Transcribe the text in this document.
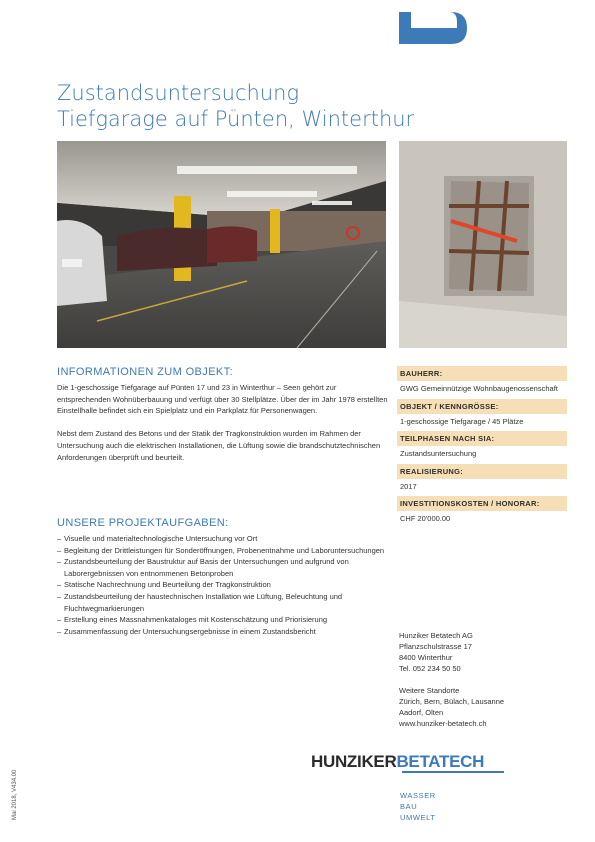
Zustandsuntersuchung
Tiefgarage auf Pünten, Winterthur
INFORMATIONEN ZUM OBJEKT:

Die 1-geschossige Tiefgarage auf Pünten 17 und 23 in Winterthur – Seen gehört zur entsprechenden Wohnüberbauung und verfügt über 30 Stellplätze. Über der im Jahr 1978 erstellten Einstellhalle befindet sich ein Spielplatz und ein Parkplatz für Personenwagen.

Nebst dem Zustand des Betons und der Statik der Tragkonstruktion wurden im Rahmen der Untersuchung auch die elektrischen Installationen, die Lüftung sowie die brandschutztechnischen Anforderungen überprüft und beurteilt.

UNSERE PROJEKTAUFGABEN:
– Visuelle und materialtechnologische Untersuchung vor Ort
– Begleitung der Drittleistungen für Sonderöffnungen, Probenentnahme und Laboruntersuchungen
– Zustandsbeurteilung der Baustruktur auf Basis der Untersuchungen und aufgrund von Laborergebnissen von entnommenen Betonproben
– Statische Nachrechnung und Beurteilung der Tragkonstruktion
– Zustandsbeurteilung der haustechnischen Installation wie Lüftung, Beleuchtung und Fluchtwegmarkierungen
– Erstellung eines Massnahmenkataloges mit Kostenschätzung und Priorisierung
– Zusammenfassung der Untersuchungsergebnisse in einem Zustandsbericht
BAUHERR:
GWG Gemeinnützige Wohnbaugenossenschaft
OBJEKT / KENNGRÖSSE:
1-geschossige Tiefgarage / 45 Plätze
TEILPHASEN NACH SIA:
Zustandsuntersuchung
REALISIERUNG:
2017
INVESTITIONSKOSTEN / HONORAR:
CHF 20'000.00
Hunziker Betatech AG
Pflanzschulstrasse 17
8400 Winterthur
Tel. 052 234 50 50
Weitere Standorte
Zürich, Bern, Bülach, Lausanne
Aadorf, Olten
www.hunziker-betatech.ch
HUNZIKERBETATECH
WASSER
BAU
UMWELT
Mai 2018, V434.00
